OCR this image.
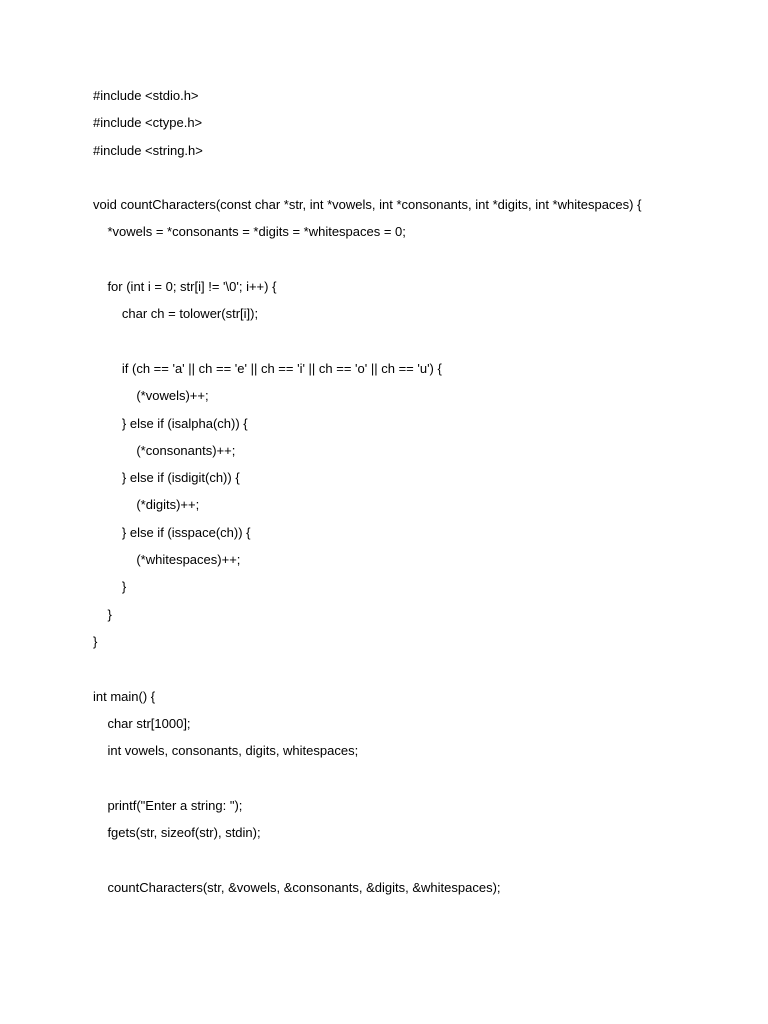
#include <stdio.h>
#include <ctype.h>
#include <string.h>
void countCharacters(const char *str, int *vowels, int *consonants, int *digits, int *whitespaces) {
*vowels = *consonants = *digits = *whitespaces = 0;
for (int i = 0; str[i] != '\0'; i++) {
char ch = tolower(str[i]);
if (ch == 'a' || ch == 'e' || ch == 'i' || ch == 'o' || ch == 'u') {
(*vowels)++;
} else if (isalpha(ch)) {
(*consonants)++;
} else if (isdigit(ch)) {
(*digits)++;
} else if (isspace(ch)) {
(*whitespaces)++;
}
}
}
int main() {
char str[1000];
int vowels, consonants, digits, whitespaces;
printf("Enter a string: ");
fgets(str, sizeof(str), stdin);
countCharacters(str, &vowels, &consonants, &digits, &whitespaces);
